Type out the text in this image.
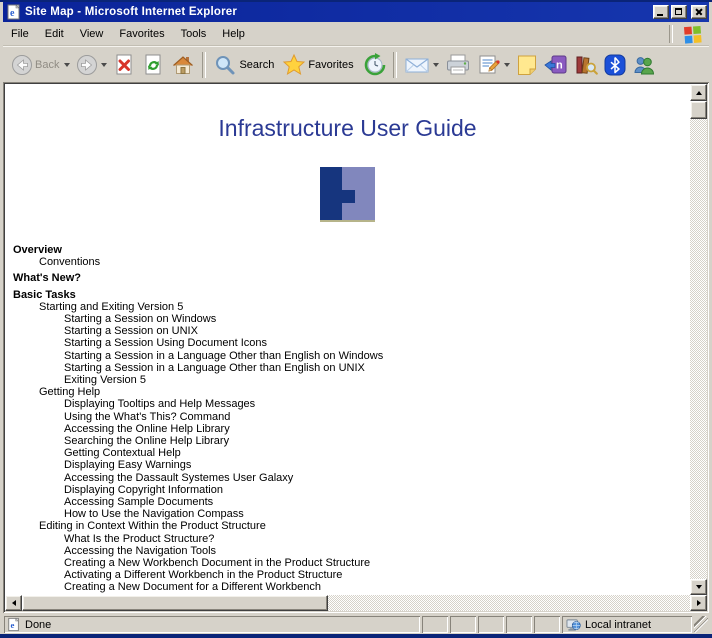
e Site Map - Microsoft Internet Explorer
File	Edit	View	Favorites	Tools	Help
Back	Search	Favorites	n
Infrastructure User Guide
Overview
Conventions
What's New?
Basic Tasks
Starting and Exiting Version 5
Starting a Session on Windows
Starting a Session on UNIX
Starting a Session Using Document Icons
Starting a Session in a Language Other than English on Windows
Starting a Session in a Language Other than English on UNIX
Exiting Version 5
Getting Help
Displaying Tooltips and Help Messages
Using the What's This? Command
Accessing the Online Help Library
Searching the Online Help Library
Getting Contextual Help
Displaying Easy Warnings
Accessing the Dassault Systemes User Galaxy
Displaying Copyright Information
Accessing Sample Documents
How to Use the Navigation Compass
Editing in Context Within the Product Structure
What Is the Product Structure?
Accessing the Navigation Tools
Creating a New Workbench Document in the Product Structure
Activating a Different Workbench in the Product Structure
Creating a New Document for a Different Workbench
e Done	Local intranet
